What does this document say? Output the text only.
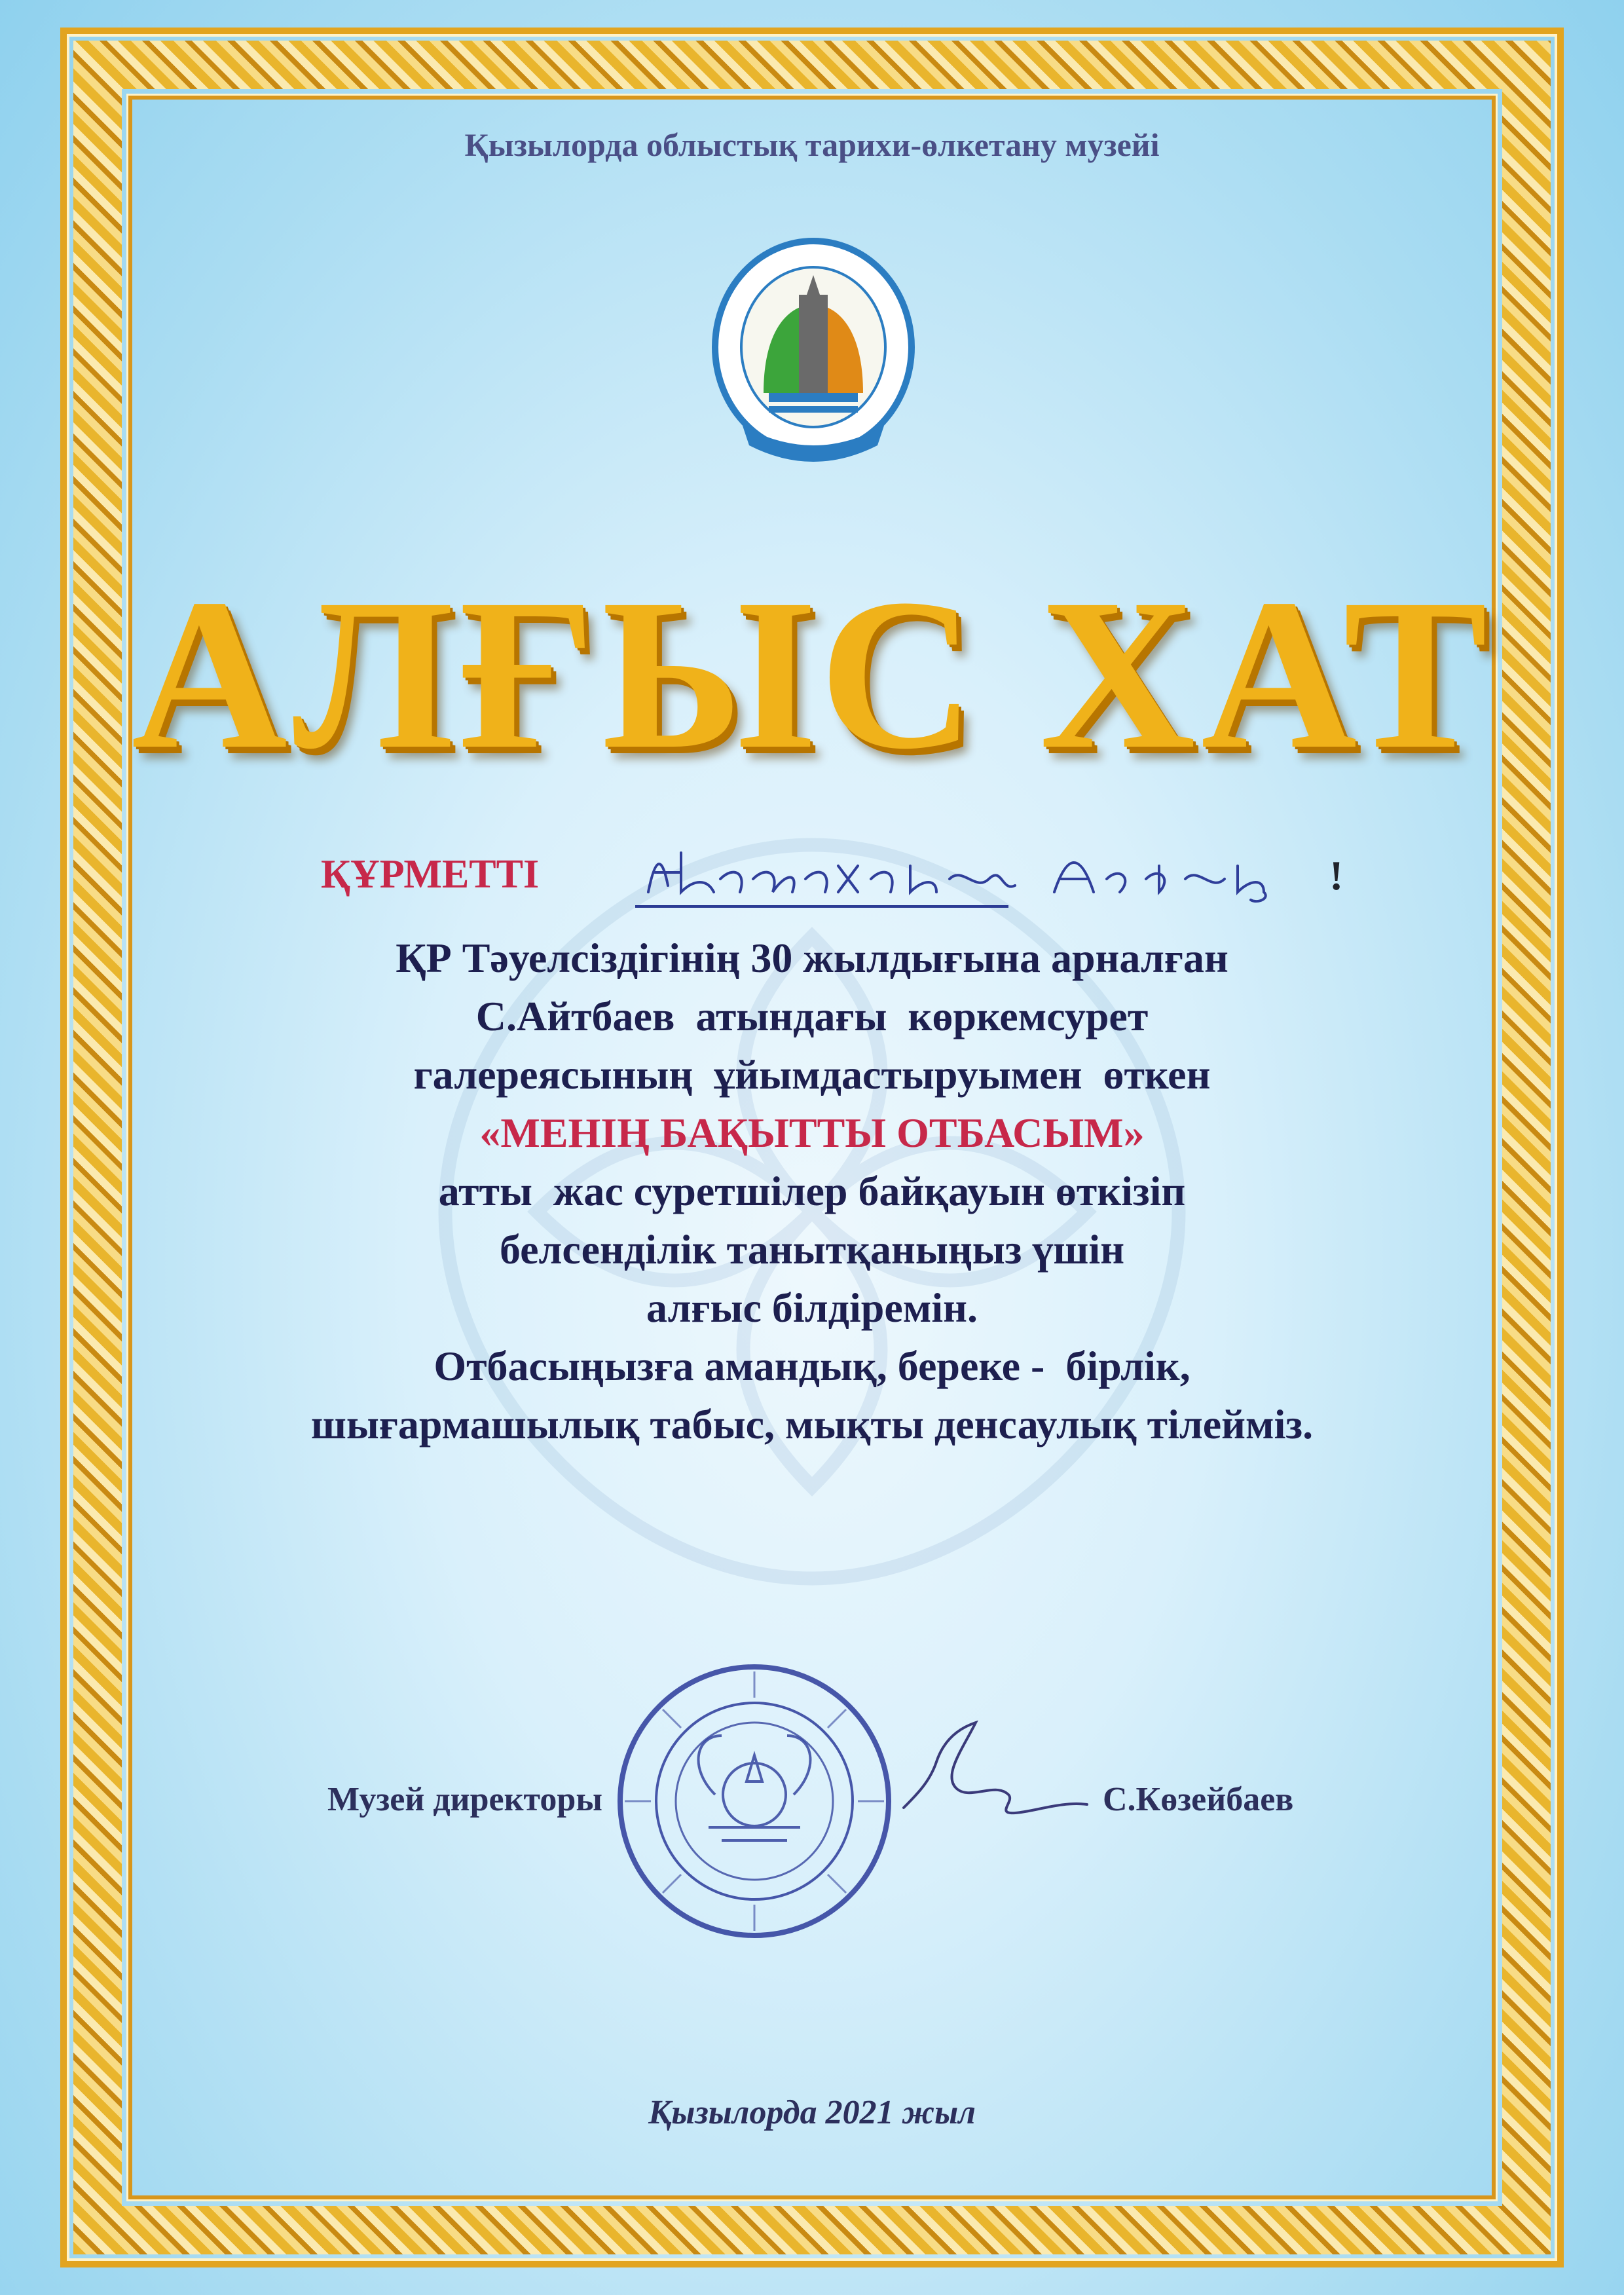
Қызылорда облыстық тарихи-өлкетану музейі
АЛҒЫС ХАТ
ҚҰРМЕТТІ	!
ҚР Тәуелсіздігінің 30 жылдығына арналған
С.Айтбаев  атындағы  көркемсурет
галереясының  ұйымдастыруымен  өткен
«МЕНІҢ БАҚЫТТЫ ОТБАСЫМ»
атты  жас суретшілер байқауын өткізіп
белсенділік танытқаныңыз үшін
алғыс білдіремін.
Отбасыңызға амандық, береке -  бірлік,
шығармашылық табыс, мықты денсаулық тілейміз.
Музей директоры	С.Көзейбаев
Қызылорда 2021 жыл
